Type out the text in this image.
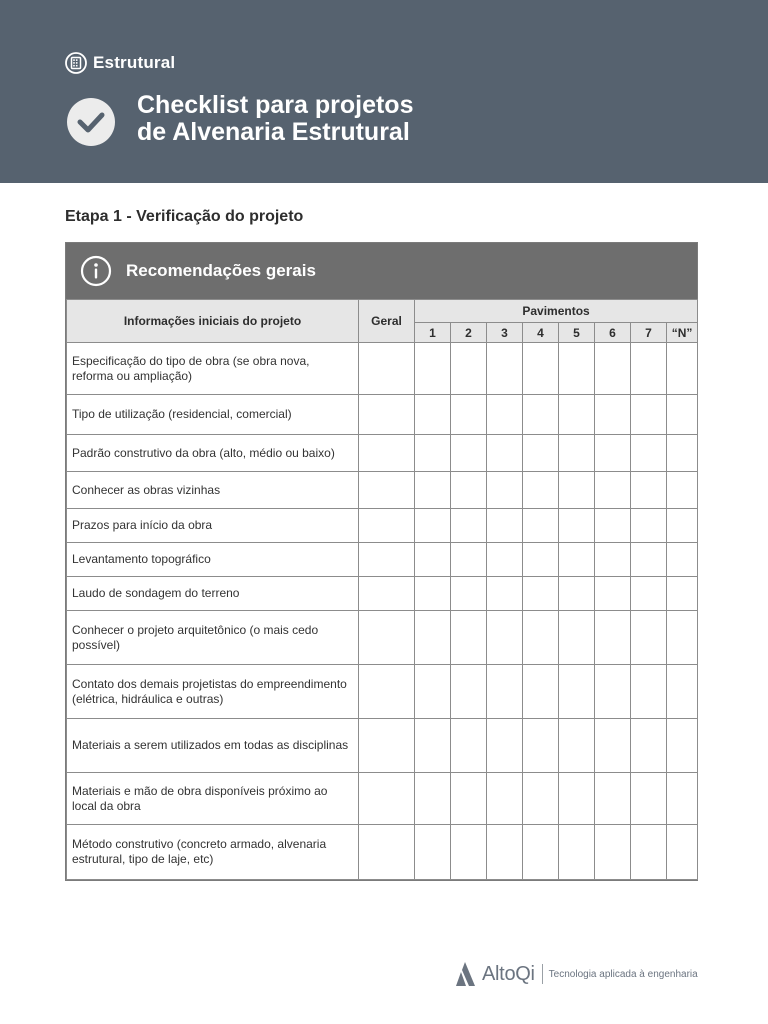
Estrutural
Checklist para projetos
de Alvenaria Estrutural
Etapa 1 - Verificação do projeto
Recomendações gerais
Informações iniciais do projeto	Geral	Pavimentos							
		1	2	3	4	5	6	7	“N”
Especificação do tipo de obra (se obra nova, reforma ou ampliação)									
Tipo de utilização (residencial, comercial)									
Padrão construtivo da obra (alto, médio ou baixo)									
Conhecer as obras vizinhas									
Prazos para início da obra									
Levantamento topográfico									
Laudo de sondagem do terreno									
Conhecer o projeto arquitetônico (o mais cedo possível)									
Contato dos demais projetistas do empreendimento (elétrica, hidráulica e outras)									
Materiais a serem utilizados em todas as disciplinas									
Materiais e mão de obra disponíveis próximo ao local da obra									
Método construtivo (concreto armado, alvenaria estrutural, tipo de laje, etc)									
AltoQi Tecnologia aplicada à engenharia
